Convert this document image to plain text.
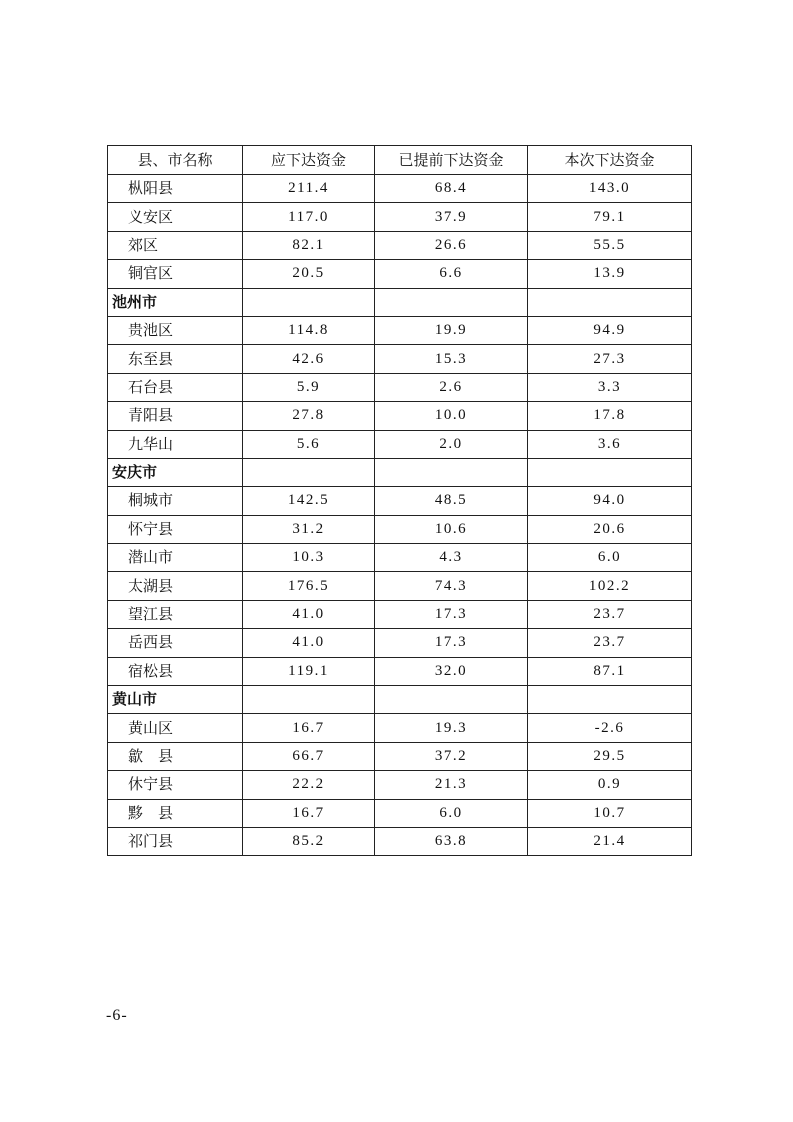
县、市名称	应下达资金	已提前下达资金	本次下达资金
枞阳县	211.4	68.4	143.0
义安区	117.0	37.9	79.1
郊区	82.1	26.6	55.5
铜官区	20.5	6.6	13.9
池州市			
贵池区	114.8	19.9	94.9
东至县	42.6	15.3	27.3
石台县	5.9	2.6	3.3
青阳县	27.8	10.0	17.8
九华山	5.6	2.0	3.6
安庆市			
桐城市	142.5	48.5	94.0
怀宁县	31.2	10.6	20.6
潜山市	10.3	4.3	6.0
太湖县	176.5	74.3	102.2
望江县	41.0	17.3	23.7
岳西县	41.0	17.3	23.7
宿松县	119.1	32.0	87.1
黄山市			
黄山区	16.7	19.3	-2.6
歙　县	66.7	37.2	29.5
休宁县	22.2	21.3	0.9
黟　县	16.7	6.0	10.7
祁门县	85.2	63.8	21.4
-6-
